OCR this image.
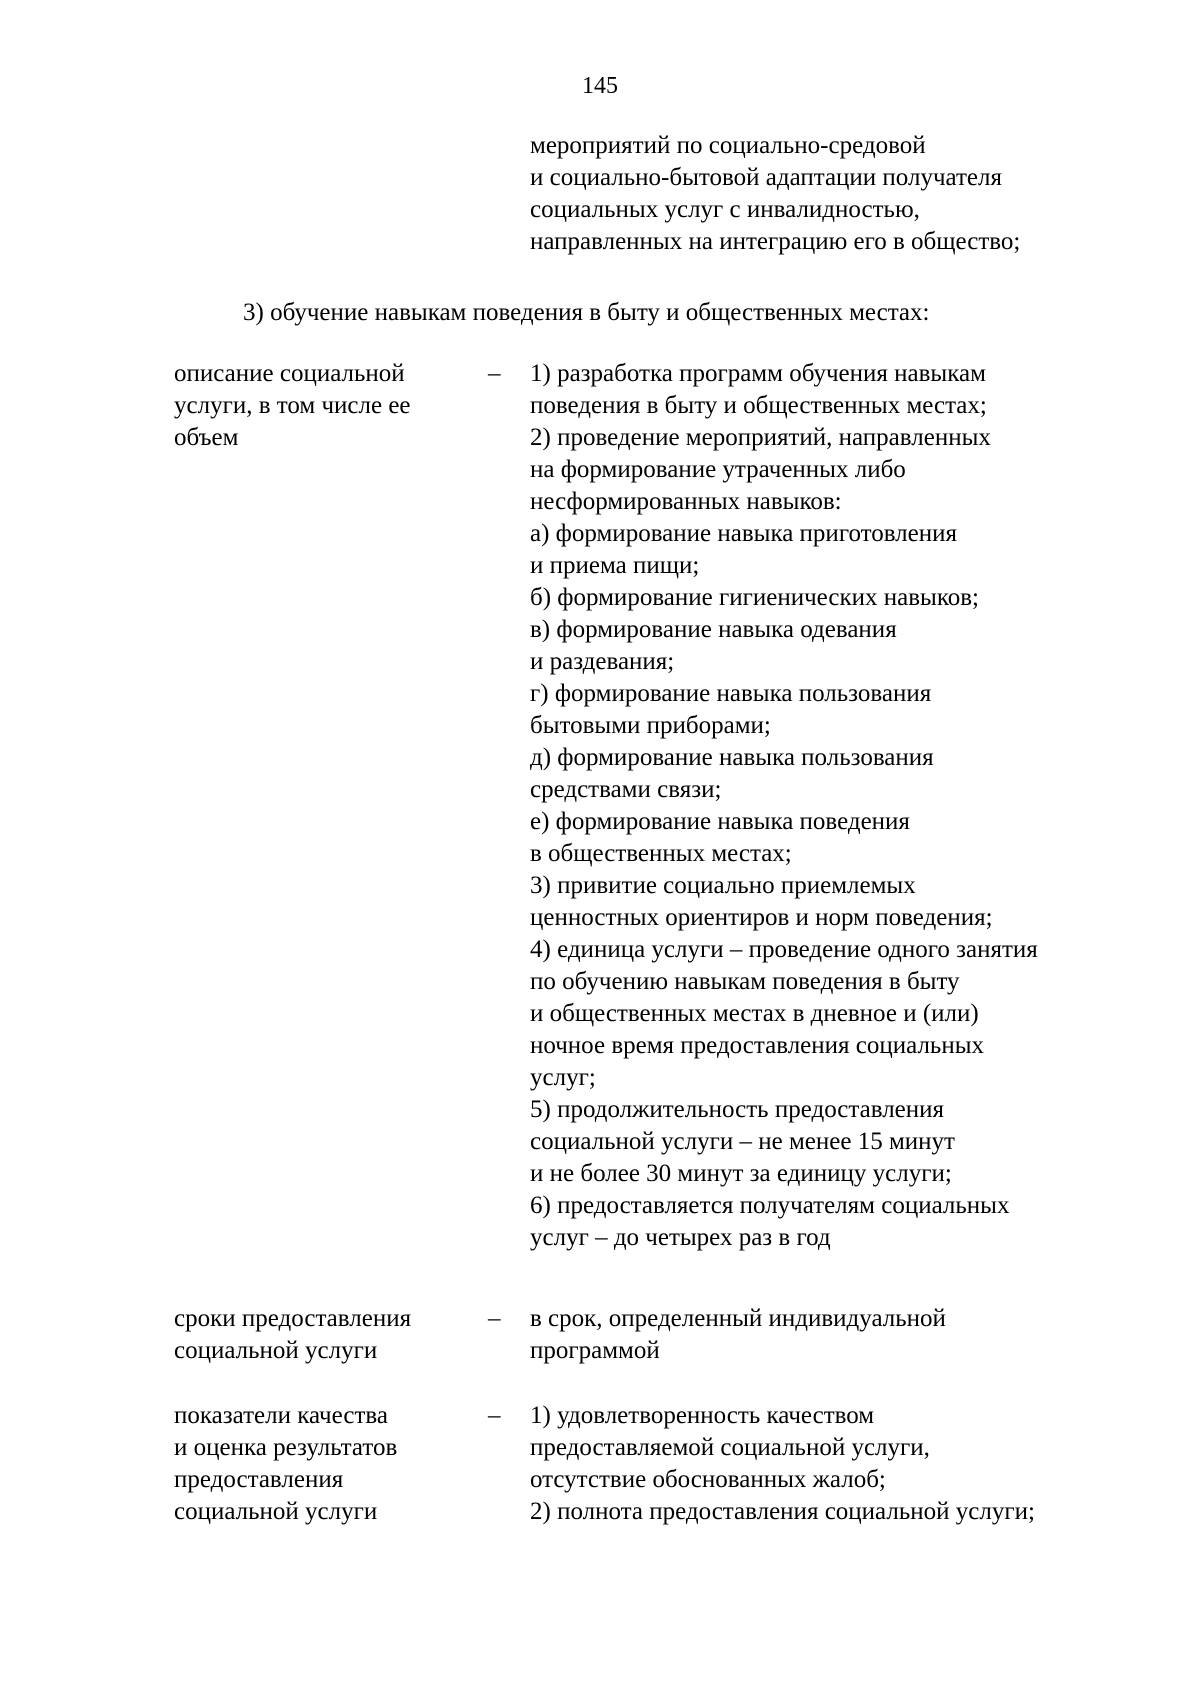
145
мероприятий по социально-средовой
и социально-бытовой адаптации получателя
социальных услуг с инвалидностью,
направленных на интеграцию его в общество;
3) обучение навыкам поведения в быту и общественных местах:
описание социальной
услуги, в том числе ее
объем
–	1) разработка программ обучения навыкам
поведения в быту и общественных местах;
2) проведение мероприятий, направленных
на формирование утраченных либо
несформированных навыков:
а) формирование навыка приготовления
и приема пищи;
б) формирование гигиенических навыков;
в) формирование навыка одевания
и раздевания;
г) формирование навыка пользования
бытовыми приборами;
д) формирование навыка пользования
средствами связи;
е) формирование навыка поведения
в общественных местах;
3) привитие социально приемлемых
ценностных ориентиров и норм поведения;
4) единица услуги – проведение одного занятия
по обучению навыкам поведения в быту
и общественных местах в дневное и (или)
ночное время предоставления социальных
услуг;
5) продолжительность предоставления
социальной услуги – не менее 15 минут
и не более 30 минут за единицу услуги;
6) предоставляется получателям социальных
услуг – до четырех раз в год
сроки предоставления
социальной услуги
–	в срок, определенный индивидуальной
программой
показатели качества
и оценка результатов
предоставления
социальной услуги
–	1) удовлетворенность качеством
предоставляемой социальной услуги,
отсутствие обоснованных жалоб;
2) полнота предоставления социальной услуги;
